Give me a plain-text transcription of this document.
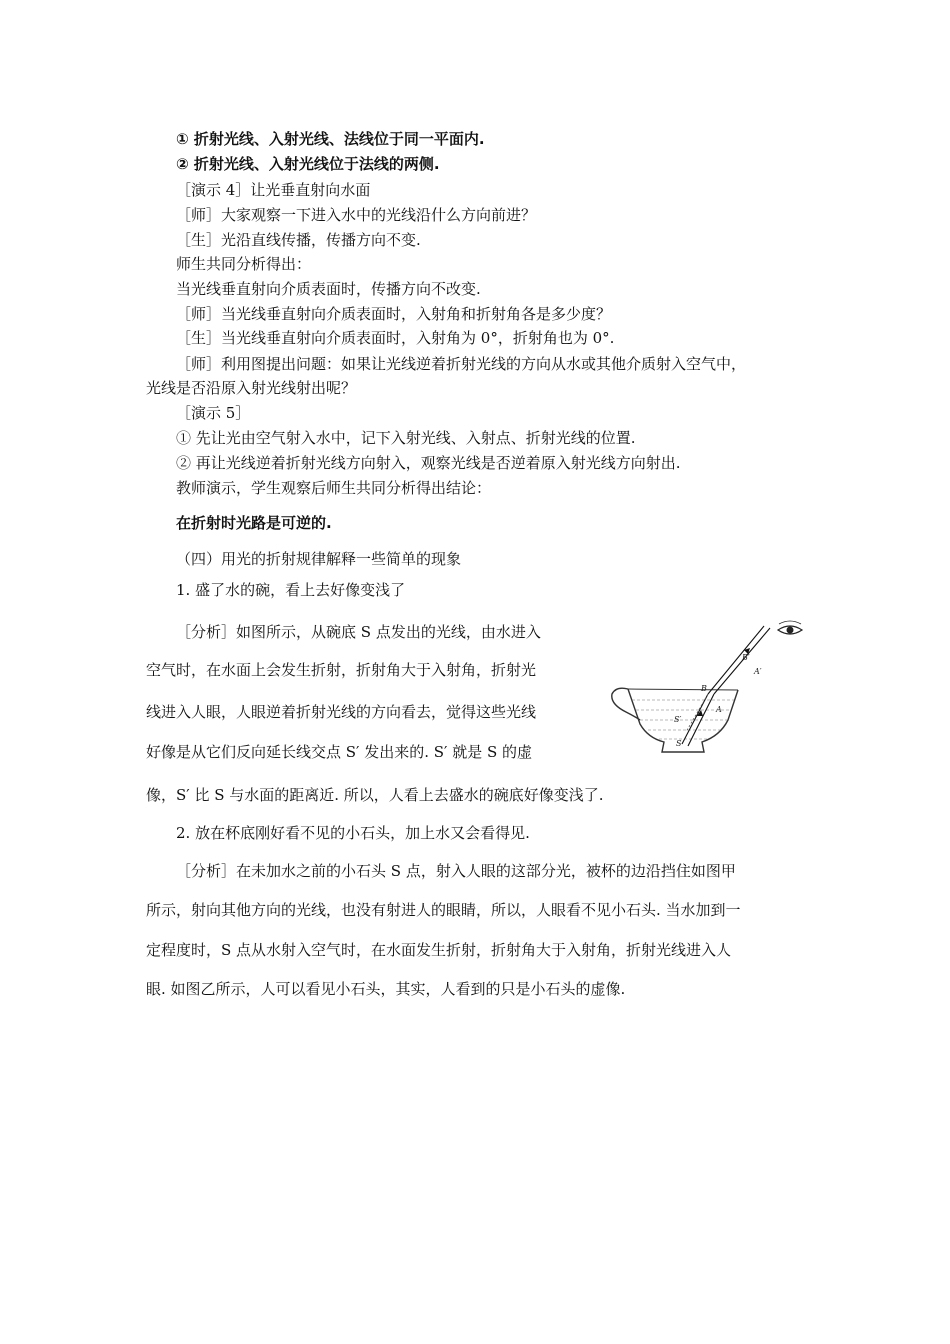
① 折射光线、入射光线、法线位于同一平面内.
② 折射光线、入射光线位于法线的两侧.
［演示 4］让光垂直射向水面
［师］大家观察一下进入水中的光线沿什么方向前进？
［生］光沿直线传播，传播方向不变.
师生共同分析得出：
当光线垂直射向介质表面时，传播方向不改变.
［师］当光线垂直射向介质表面时，入射角和折射角各是多少度？
［生］当光线垂直射向介质表面时，入射角为 0°，折射角也为 0°.
［师］利用图提出问题：如果让光线逆着折射光线的方向从水或其他介质射入空气中，
光线是否沿原入射光线射出呢？
［演示 5］
① 先让光由空气射入水中，记下入射光线、入射点、折射光线的位置.
② 再让光线逆着折射光线方向射入，观察光线是否逆着原入射光线方向射出.
教师演示，学生观察后师生共同分析得出结论：
在折射时光路是可逆的.
（四）用光的折射规律解释一些简单的现象
1. 盛了水的碗，看上去好像变浅了
［分析］如图所示，从碗底 S 点发出的光线，由水进入
空气时，在水面上会发生折射，折射角大于入射角，折射光
线进入人眼，人眼逆着折射光线的方向看去，觉得这些光线
好像是从它们反向延长线交点 S′ 发出来的. S′ 就是 S 的虚
像，S′ 比 S 与水面的距离近. 所以，人看上去盛水的碗底好像变浅了.
2. 放在杯底刚好看不见的小石头，加上水又会看得见.
［分析］在未加水之前的小石头 S 点，射入人眼的这部分光，被杯的边沿挡住如图甲
所示，射向其他方向的光线，也没有射进人的眼睛，所以，人眼看不见小石头. 当水加到一
定程度时，S 点从水射入空气时，在水面发生折射，折射角大于入射角，折射光线进入人
眼. 如图乙所示，人可以看见小石头，其实，人看到的只是小石头的虚像.
B′
A′
B
A
S′
S
